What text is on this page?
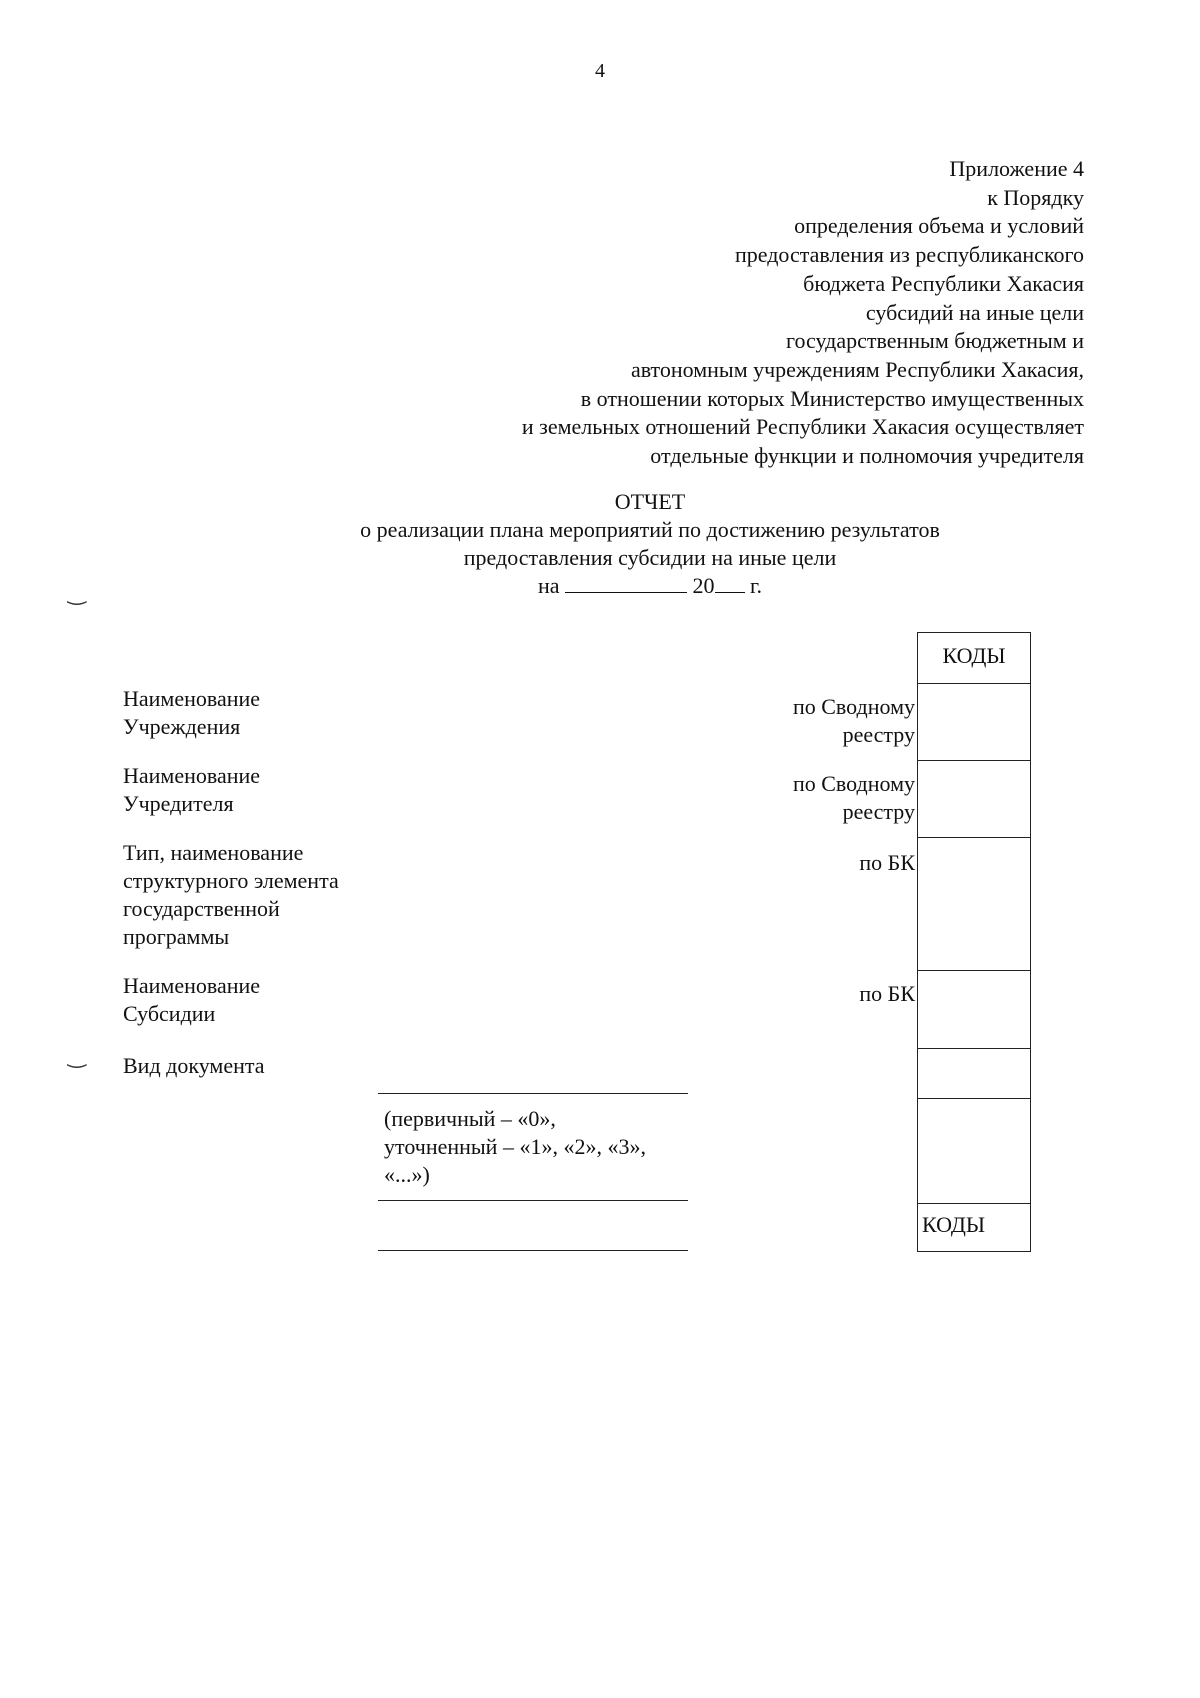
4
Приложение 4
к Порядку
определения объема и условий
предоставления из республиканского
бюджета Республики Хакасия
субсидий на иные цели
государственным бюджетным и
автономным учреждениям Республики Хакасия,
в отношении которых Министерство имущественных
и земельных отношений Республики Хакасия осуществляет
отдельные функции и полномочия учредителя
ОТЧЕТ
о реализации плана мероприятий по достижению результатов
предоставления субсидии на иные цели
на	20 г.
‿
‿
Наименование
Учреждения
Наименование
Учредителя
Тип, наименование
структурного элемента
государственной
программы
Наименование
Субсидии
Вид документа
по Сводному
реестру
по Сводному
реестру
по БК
по БК
КОДЫ
КОДЫ
(первичный – «0»,
уточненный – «1», «2», «3»,
«...»)
